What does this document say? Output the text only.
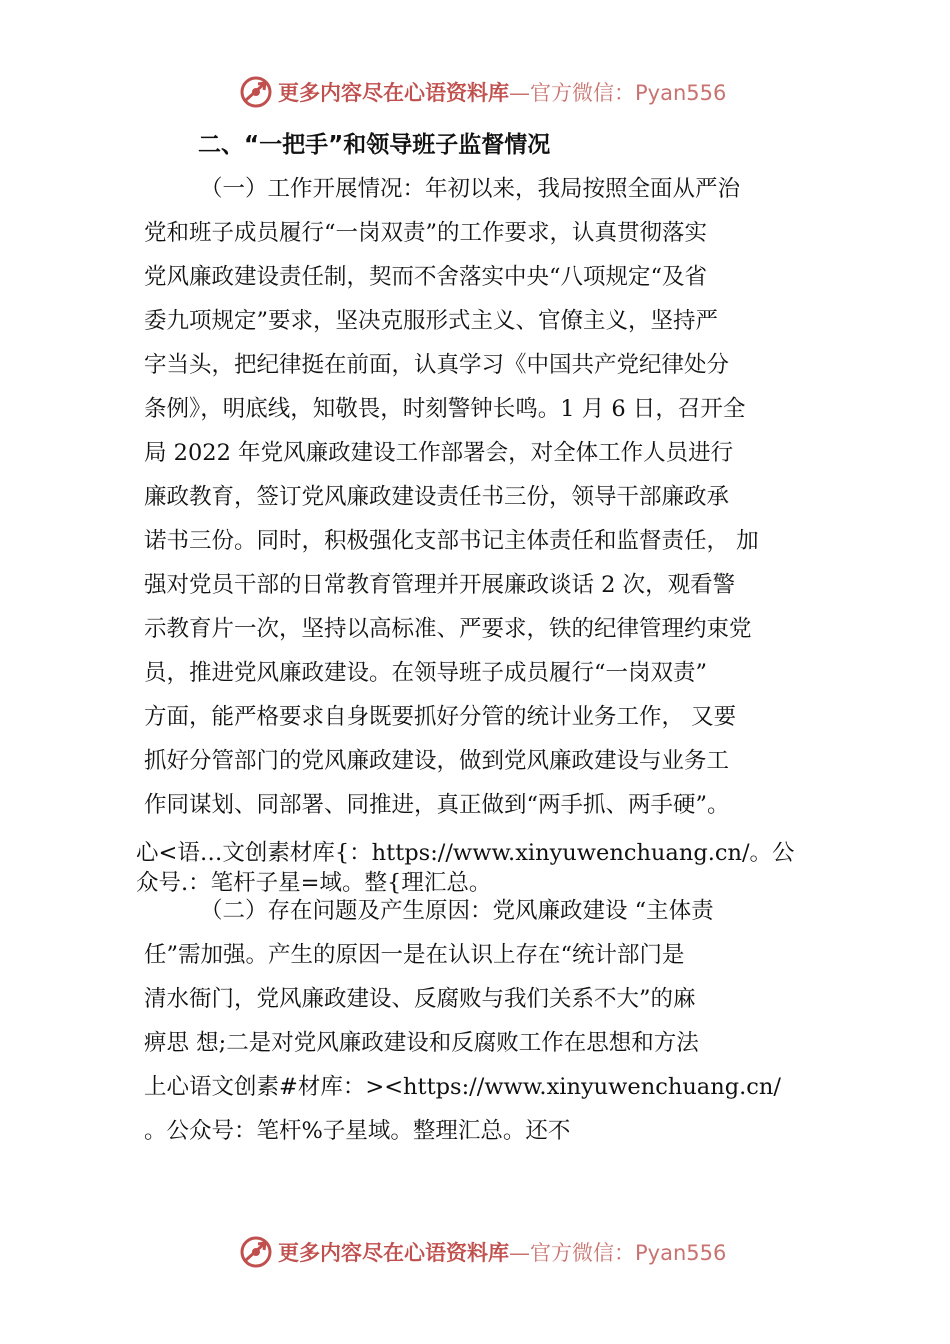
更多内容尽在心语资料库—官方微信：Pyan556
二、“一把手”和领导班子监督情况
（一）工作开展情况：年初以来，我局按照全面从严治
党和班子成员履行“一岗双责”的工作要求，认真贯彻落实
党风廉政建设责任制，契而不舍落实中央“八项规定“及省
委九项规定”要求，坚决克服形式主义、官僚主义，坚持严
字当头，把纪律挺在前面，认真学习《中国共产党纪律处分
条例》，明底线，知敬畏，时刻警钟长鸣。1 月 6 日，召开全
局 2022 年党风廉政建设工作部署会，对全体工作人员进行
廉政教育，签订党风廉政建设责任书三份，领导干部廉政承
诺书三份。同时，积极强化支部书记主体责任和监督责任， 加
强对党员干部的日常教育管理并开展廉政谈话 2 次，观看警
示教育片一次，坚持以高标准、严要求，铁的纪律管理约束党
员，推进党风廉政建设。在领导班子成员履行“一岗双责”
方面，能严格要求自身既要抓好分管的统计业务工作， 又要
抓好分管部门的党风廉政建设，做到党风廉政建设与业务工
作同谋划、同部署、同推进，真正做到“两手抓、两手硬”。
心<语…文创素材库{：https://www.xinyuwenchuang.cn/。公
众号.：笔杆子星=域。整{理汇总。
（二）存在问题及产生原因：党风廉政建设 “主体责
任”需加强。产生的原因一是在认识上存在“统计部门是
清水衙门，党风廉政建设、反腐败与我们关系不大”的麻
痹思 想;二是对党风廉政建设和反腐败工作在思想和方法
上心语文创素#材库：><https://www.xinyuwenchuang.cn/
。公众号：笔杆%子星域。整理汇总。还不
更多内容尽在心语资料库—官方微信：Pyan556
